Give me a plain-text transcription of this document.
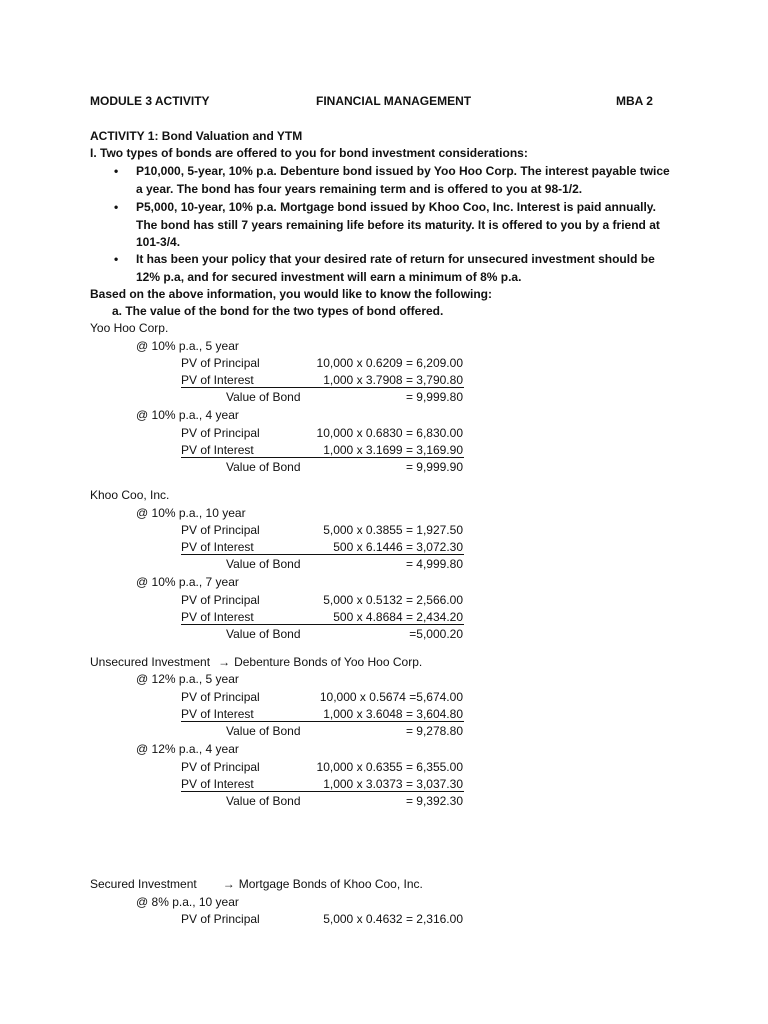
MODULE 3 ACTIVITY	FINANCIAL MANAGEMENT	MBA 2
ACTIVITY 1: Bond Valuation and YTM
I. Two types of bonds are offered to you for bond investment considerations:
• P10,000, 5-year, 10% p.a. Debenture bond issued by Yoo Hoo Corp. The interest payable twice
a year. The bond has four years remaining term and is offered to you at 98-1/2.
• P5,000, 10-year, 10% p.a. Mortgage bond issued by Khoo Coo, Inc. Interest is paid annually.
The bond has still 7 years remaining life before its maturity. It is offered to you by a friend at
101-3/4.
• It has been your policy that your desired rate of return for unsecured investment should be
12% p.a, and for secured investment will earn a minimum of 8% p.a.
Based on the above information, you would like to know the following:
a. The value of the bond for the two types of bond offered.
Yoo Hoo Corp.
@ 10% p.a., 5 year
PV of Principal	10,000 x 0.6209 = 6,209.00
PV of Interest	1,000 x 3.7908 = 3,790.80
Value of Bond	= 9,999.80
@ 10% p.a., 4 year
PV of Principal	10,000 x 0.6830 = 6,830.00
PV of Interest	1,000 x 3.1699 = 3,169.90
Value of Bond	= 9,999.90
Khoo Coo, Inc.
@ 10% p.a., 10 year
PV of Principal	5,000 x 0.3855 = 1,927.50
PV of Interest	500 x 6.1446 = 3,072.30
Value of Bond	= 4,999.80
@ 10% p.a., 7 year
PV of Principal	5,000 x 0.5132 = 2,566.00
PV of Interest	500 x 4.8684 = 2,434.20
Value of Bond	=5,000.20
Unsecured Investment → Debenture Bonds of Yoo Hoo Corp.
@ 12% p.a., 5 year
PV of Principal	10,000 x 0.5674 =5,674.00
PV of Interest	1,000 x 3.6048 = 3,604.80
Value of Bond	= 9,278.80
@ 12% p.a., 4 year
PV of Principal	10,000 x 0.6355 = 6,355.00
PV of Interest	1,000 x 3.0373 = 3,037.30
Value of Bond	= 9,392.30
Secured Investment → Mortgage Bonds of Khoo Coo, Inc.
@ 8% p.a., 10 year
PV of Principal	5,000 x 0.4632 = 2,316.00
